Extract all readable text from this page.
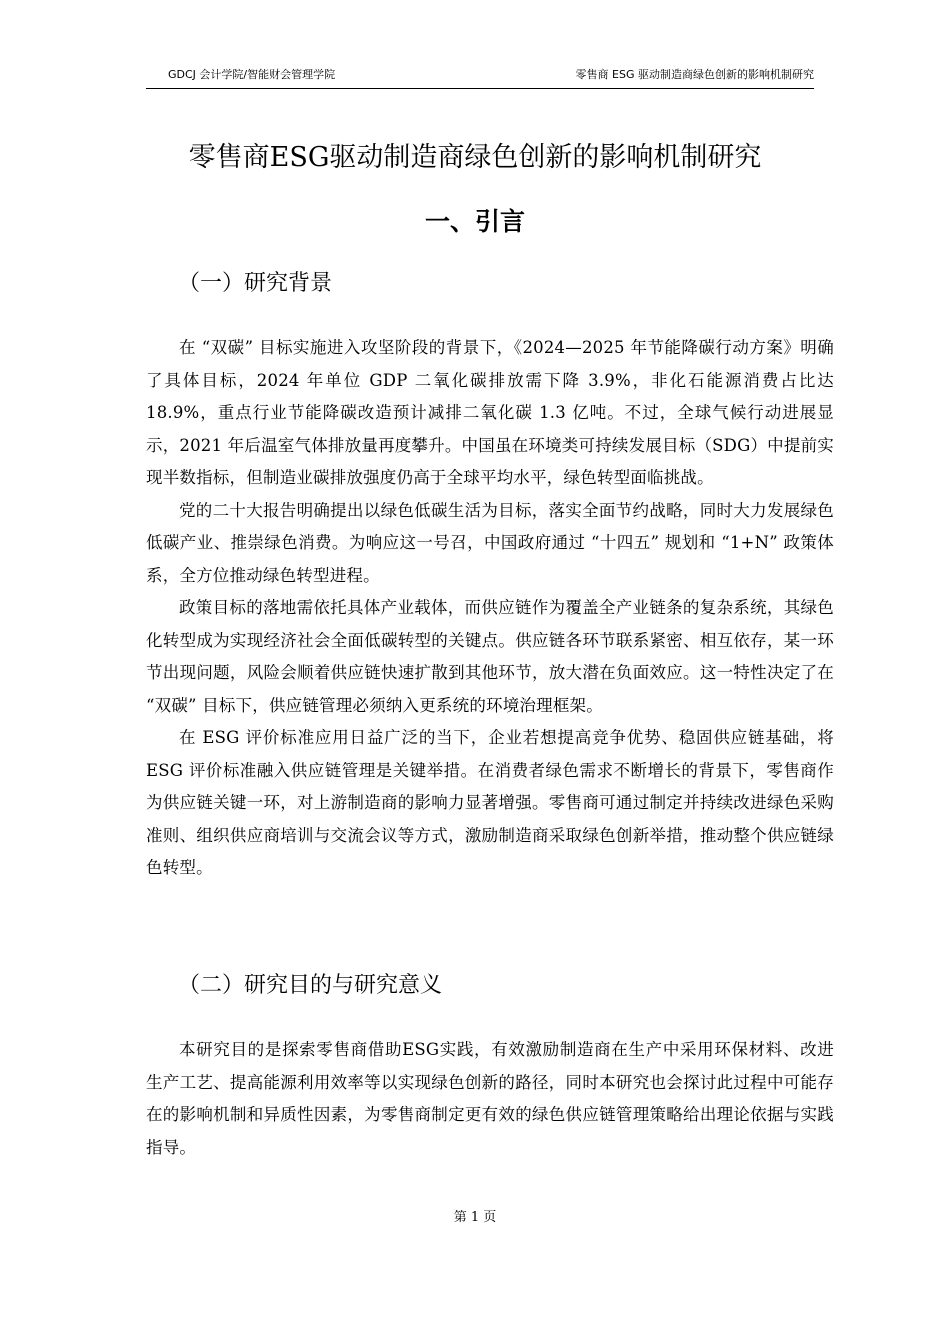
GDCJ 会计学院/智能财会管理学院	零售商 ESG 驱动制造商绿色创新的影响机制研究
零售商ESG驱动制造商绿色创新的影响机制研究
一、引言
（一）研究背景

在 “双碳” 目标实施进入攻坚阶段的背景下，《2024—2025 年节能降碳行动方案》明确了具体目标，2024 年单位 GDP 二氧化碳排放需下降 3.9%，非化石能源消费占比达 18.9%，重点行业节能降碳改造预计减排二氧化碳 1.3 亿吨。不过，全球气候行动进展显示，2021 年后温室气体排放量再度攀升。中国虽在环境类可持续发展目标（SDG）中提前实现半数指标，但制造业碳排放强度仍高于全球平均水平，绿色转型面临挑战。

党的二十大报告明确提出以绿色低碳生活为目标，落实全面节约战略，同时大力发展绿色低碳产业、推崇绿色消费。为响应这一号召，中国政府通过 “十四五” 规划和 “1+N” 政策体系，全方位推动绿色转型进程。

政策目标的落地需依托具体产业载体，而供应链作为覆盖全产业链条的复杂系统，其绿色化转型成为实现经济社会全面低碳转型的关键点。供应链各环节联系紧密、相互依存，某一环节出现问题，风险会顺着供应链快速扩散到其他环节，放大潜在负面效应。这一特性决定了在 “双碳” 目标下，供应链管理必须纳入更系统的环境治理框架。

在 ESG 评价标准应用日益广泛的当下，企业若想提高竞争优势、稳固供应链基础，将 ESG 评价标准融入供应链管理是关键举措。在消费者绿色需求不断增长的背景下，零售商作为供应链关键一环，对上游制造商的影响力显著增强。零售商可通过制定并持续改进绿色采购准则、组织供应商培训与交流会议等方式，激励制造商采取绿色创新举措，推动整个供应链绿色转型。

（二）研究目的与研究意义

本研究目的是探索零售商借助ESG实践，有效激励制造商在生产中采用环保材料、改进生产工艺、提高能源利用效率等以实现绿色创新的路径，同时本研究也会探讨此过程中可能存在的影响机制和异质性因素，为零售商制定更有效的绿色供应链管理策略给出理论依据与实践指导。

第 1 页
